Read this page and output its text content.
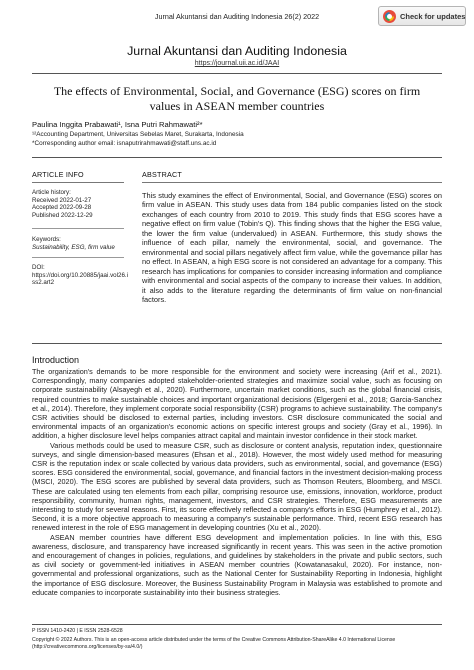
Jurnal Akuntansi dan Auditing Indonesia 26(2) 2022	Check for updates
Jurnal Akuntansi dan Auditing Indonesia
https://journal.uii.ac.id/JAAI
The effects of Environmental, Social, and Governance (ESG) scores on firm values in ASEAN member countries
Paulina Inggita Prabawati¹, Isna Putri Rahmawati²*
¹²Accounting Department, Universitas Sebelas Maret, Surakarta, Indonesia
*Corresponding author email: isnaputrirahmawati@staff.uns.ac.id
ARTICLE INFO	ABSTRACT
Article history:
Received 2022-01-27
Accepted 2022-09-28
Published 2022-12-29
Keywords:
Sustainability, ESG, firm value
DOI:
https://doi.org/10.20885/jaai.vol26.i
ss2.art2
This study examines the effect of Environmental, Social, and Governance (ESG) scores on firm value in ASEAN. This study uses data from 184 public companies listed on the stock exchanges of each country from 2010 to 2019. This study finds that ESG scores have a negative effect on firm value (Tobin's Q). This finding shows that the higher the ESG value, the lower the firm value (undervalued) in ASEAN. Furthermore, this study shows the influence of each pillar, namely the environmental, social, and governance. The environmental and social pillars negatively affect firm value, while the governance pillar has no effect. In ASEAN, a high ESG score is not considered an advantage for a company. This research has implications for companies to consider increasing information and compliance with environmental and social aspects of the company to increase their values. In addition, it also adds to the literature regarding the determinants of firm value on non-financial factors.
Introduction

The organization's demands to be more responsible for the environment and society were increasing (Arif et al., 2021). Correspondingly, many companies adopted stakeholder-oriented strategies and maximize social value, such as focusing on corporate sustainability (Alsayegh et al., 2020). Furthermore, uncertain market conditions, such as the global financial crisis, required countries to make sustainable choices and important organizational decisions (Elgergeni et al., 2018; Garcia-Sanchez et al., 2014). Therefore, they implement corporate social responsibility (CSR) programs to achieve sustainability. The company's CSR activities should be disclosed to external parties, including investors. CSR disclosure communicated the social and environmental impacts of an organization's economic actions on specific interest groups and society (Gray et al., 1996). In addition, a higher disclosure level helps companies attract capital and maintain investor confidence in their stock market.

Various methods could be used to measure CSR, such as disclosure or content analysis, reputation index, questionnaire surveys, and single dimension-based measures (Ehsan et al., 2018). However, the most widely used method for measuring CSR is the reputation index or scale collected by various data providers, such as environmental, social, and governance (ESG) scores. ESG considered the environmental, social, governance, and financial factors in the investment decision-making process (MSCI, 2020). The ESG scores are published by several data providers, such as Thomson Reuters, Bloomberg, and MSCI. These are calculated using ten elements from each pillar, comprising resource use, emissions, innovation, workforce, product responsibility, community, human rights, management, investors, and CSR strategies. Therefore, ESG measurements are interesting to study for several reasons. First, its score effectively reflected a company's efforts in ESG (Humphrey et al., 2012). Second, it is a more objective approach to measuring a company's sustainable performance. Third, recent ESG research has renewed interest in the role of ESG management in developing countries (Xu et al., 2020).

ASEAN member countries have different ESG development and implementation policies. In line with this, ESG awareness, disclosure, and transparency have increased significantly in recent years. This was seen in the active promotion and encouragement of changes in policies, regulations, and guidelines by stakeholders in the private and public sectors, such as civil society or government-led initiatives in ASEAN member countries (Kowatanasakul, 2020). For instance, non-governmental and professional organizations, such as the National Center for Sustainability Reporting in Indonesia, highlight the importance of ESG disclosure. Moreover, the Business Sustainability Program in Malaysia was established to promote and educate companies to incorporate sustainability into their business strategies.

P ISSN 1410-2420 | E ISSN 2528-6528
Copyright © 2022 Authors. This is an open-access article distributed under the terms of the Creative Commons Attribution-ShareAlike 4.0 International License
(http://creativecommons.org/licenses/by-sa/4.0/)
